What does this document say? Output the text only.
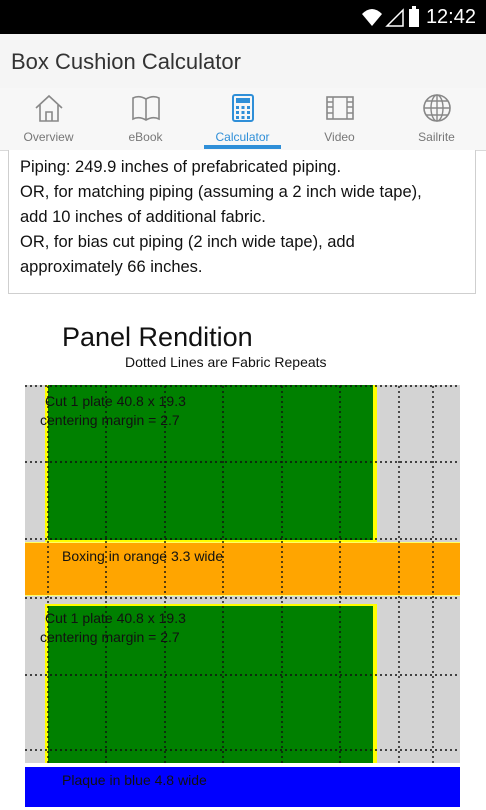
12:42
Box Cushion Calculator
Overview	eBook	Calculator	Video	Sailrite

Piping: 249.9 inches of prefabricated piping.

OR, for matching piping (assuming a 2 inch wide tape),

add 10 inches of additional fabric.

OR, for bias cut piping (2 inch wide tape), add

approximately 66 inches.

Panel Rendition
Dotted Lines are Fabric Repeats
Cut 1 plate 40.8 x 19.3
centering margin = 2.7
Boxing in orange 3.3 wide
Cut 1 plate 40.8 x 19.3
centering margin = 2.7
Plaque in blue 4.8 wide
